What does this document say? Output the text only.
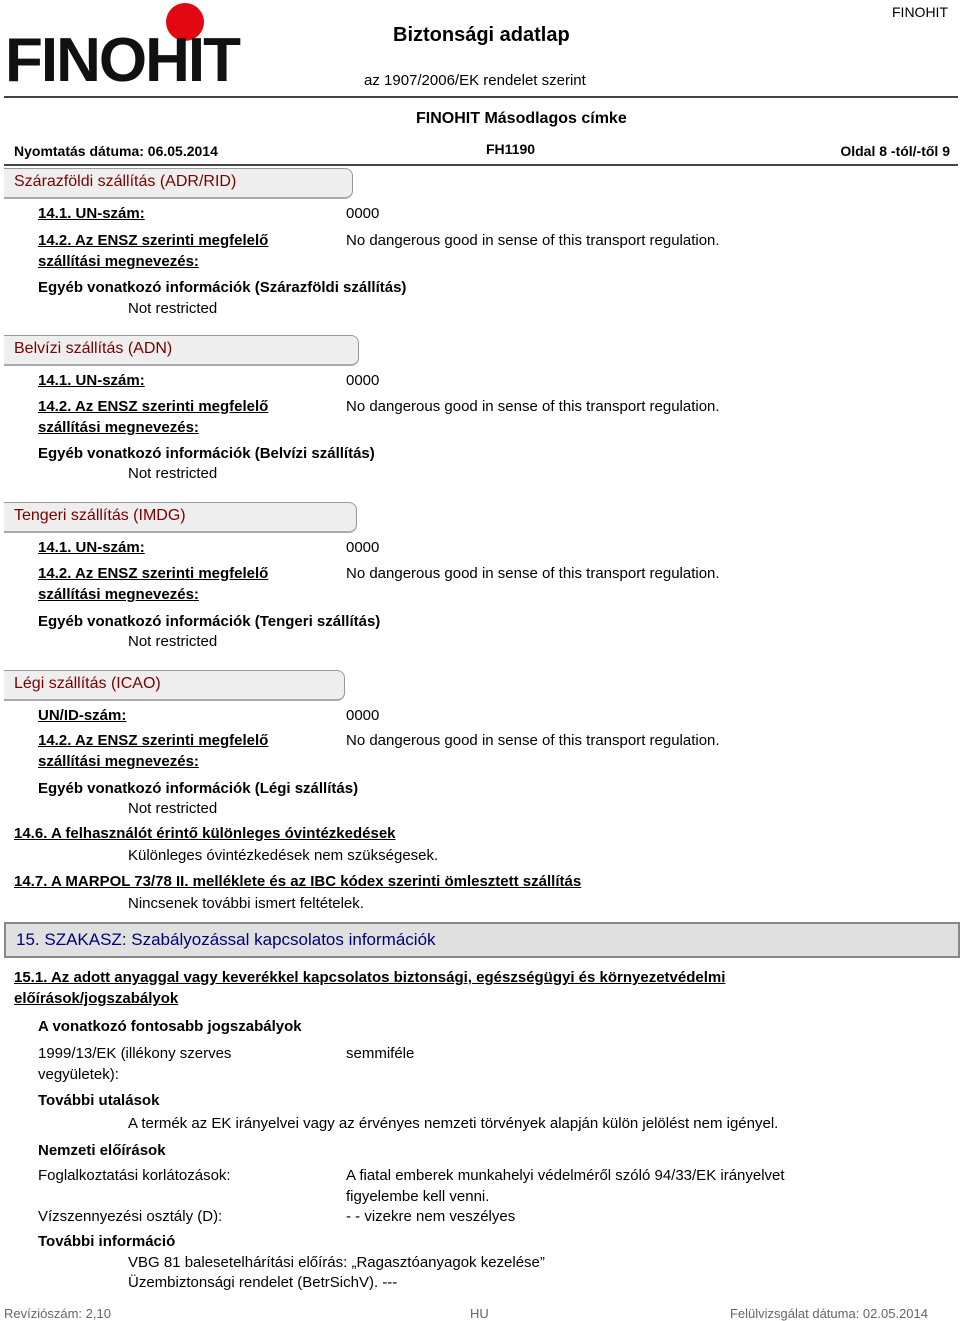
FINOHIT
FINOHIT
Biztonsági adatlap
az 1907/2006/EK rendelet szerint
FINOHIT Másodlagos címke
Nyomtatás dátuma: 06.05.2014	FH1190	Oldal 8 -tól/-től 9
Szárazföldi szállítás (ADR/RID)
14.1. UN-szám:	0000
14.2. Az ENSZ szerinti megfelelő
szállítási megnevezés:
No dangerous good in sense of this transport regulation.
Egyéb vonatkozó információk (Szárazföldi szállítás)
Not restricted
Belvízi szállítás (ADN)
14.1. UN-szám:	0000
14.2. Az ENSZ szerinti megfelelő
szállítási megnevezés:
No dangerous good in sense of this transport regulation.
Egyéb vonatkozó információk (Belvízi szállítás)
Not restricted
Tengeri szállítás (IMDG)
14.1. UN-szám:	0000
14.2. Az ENSZ szerinti megfelelő
szállítási megnevezés:
No dangerous good in sense of this transport regulation.
Egyéb vonatkozó információk (Tengeri szállítás)
Not restricted
Légi szállítás (ICAO)
UN/ID-szám:	0000
14.2. Az ENSZ szerinti megfelelő
szállítási megnevezés:
No dangerous good in sense of this transport regulation.
Egyéb vonatkozó információk (Légi szállítás)
Not restricted
14.6. A felhasználót érintő különleges óvintézkedések
Különleges óvintézkedések nem szükségesek.
14.7. A MARPOL 73/78 II. melléklete és az IBC kódex szerinti ömlesztett szállítás
Nincsenek további ismert feltételek.
15. SZAKASZ: Szabályozással kapcsolatos információk
15.1. Az adott anyaggal vagy keverékkel kapcsolatos biztonsági, egészségügyi és környezetvédelmi
előírások/jogszabályok
A vonatkozó fontosabb jogszabályok
1999/13/EK (illékony szerves
vegyületek):
semmiféle
További utalások
A termék az EK irányelvei vagy az érvényes nemzeti törvények alapján külön jelölést nem igényel.
Nemzeti előírások
Foglalkoztatási korlátozások:	A fiatal emberek munkahelyi védelméről szóló 94/33/EK irányelvet
figyelembe kell venni.
Vízszennyezési osztály (D):	- - vizekre nem veszélyes
További információ
VBG 81 balesetelhárítási előírás: „Ragasztóanyagok kezelése”
Üzembiztonsági rendelet (BetrSichV). ---
Revíziószám: 2,10	HU	Felülvizsgálat dátuma: 02.05.2014
